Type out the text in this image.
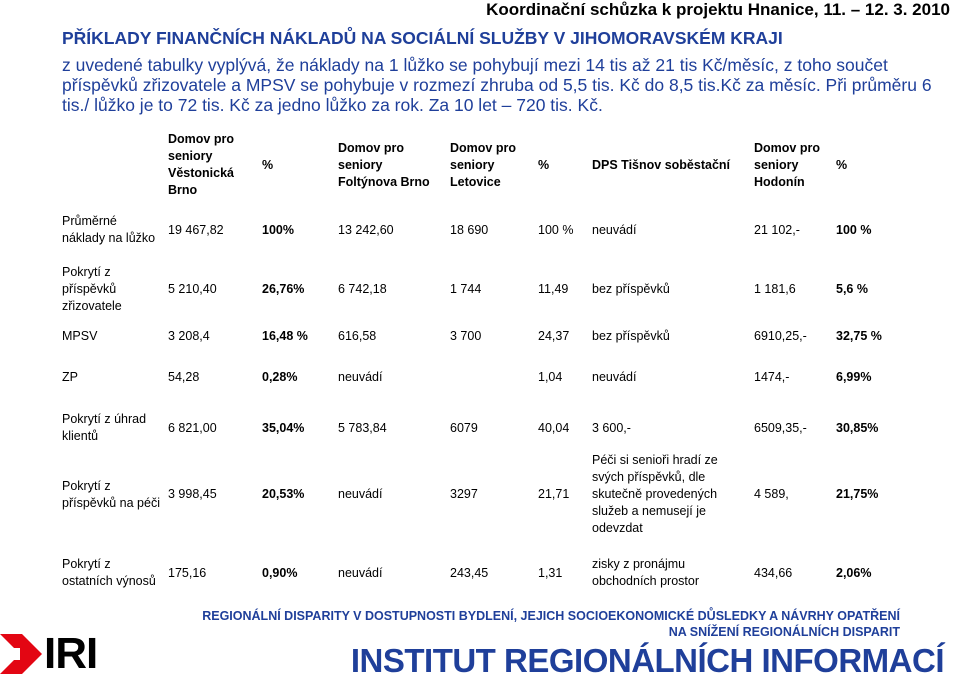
Koordinační schůzka k projektu Hnanice, 11. – 12. 3. 2010
PŘÍKLADY FINANČNÍCH NÁKLADŮ NA SOCIÁLNÍ SLUŽBY V JIHOMORAVSKÉM KRAJI
z uvedené tabulky vyplývá, že náklady na 1 lůžko se pohybují mezi 14 tis až 21 tis Kč/měsíc, z toho součet příspěvků zřizovatele a MPSV se pohybuje v rozmezí zhruba od 5,5 tis. Kč do 8,5 tis.Kč za měsíc. Při průměru 6 tis./ lůžko je to 72 tis. Kč za jedno lůžko za rok. Za 10 let – 720 tis. Kč.
	Domov pro seniory Věstonická Brno	%	Domov pro seniory Foltýnova Brno	Domov pro seniory Letovice	%	DPS Tišnov soběstační	Domov pro seniory Hodonín	%
Průměrné náklady na lůžko	19 467,82	100%	13 242,60	18 690	100 %	neuvádí	21 102,-	100 %
Pokrytí z příspěvků zřizovatele	5 210,40	26,76%	6 742,18	1 744	11,49	bez příspěvků	1 181,6	5,6 %
MPSV	3 208,4	16,48 %	616,58	3 700	24,37	bez příspěvků	6910,25,-	32,75 %
ZP	54,28	0,28%	neuvádí		1,04	neuvádí	1474,-	6,99%
Pokrytí z úhrad klientů	6 821,00	35,04%	5 783,84	6079	40,04	3 600,-	6509,35,-	30,85%
Pokrytí z příspěvků na péči	3 998,45	20,53%	neuvádí	3297	21,71	Péči si senioři hradí ze svých příspěvků, dle skutečně provedených služeb a nemusejí je odevzdat	4 589,	21,75%
Pokrytí z ostatních výnosů	175,16	0,90%	neuvádí	243,45	1,31	zisky z pronájmu obchodních prostor	434,66	2,06%
IRI
REGIONÁLNÍ DISPARITY V DOSTUPNOSTI BYDLENÍ, JEJICH SOCIOEKONOMICKÉ DŮSLEDKY A NÁVRHY OPATŘENÍ
NA SNÍŽENÍ REGIONÁLNÍCH DISPARIT
INSTITUT REGIONÁLNÍCH INFORMACÍ
